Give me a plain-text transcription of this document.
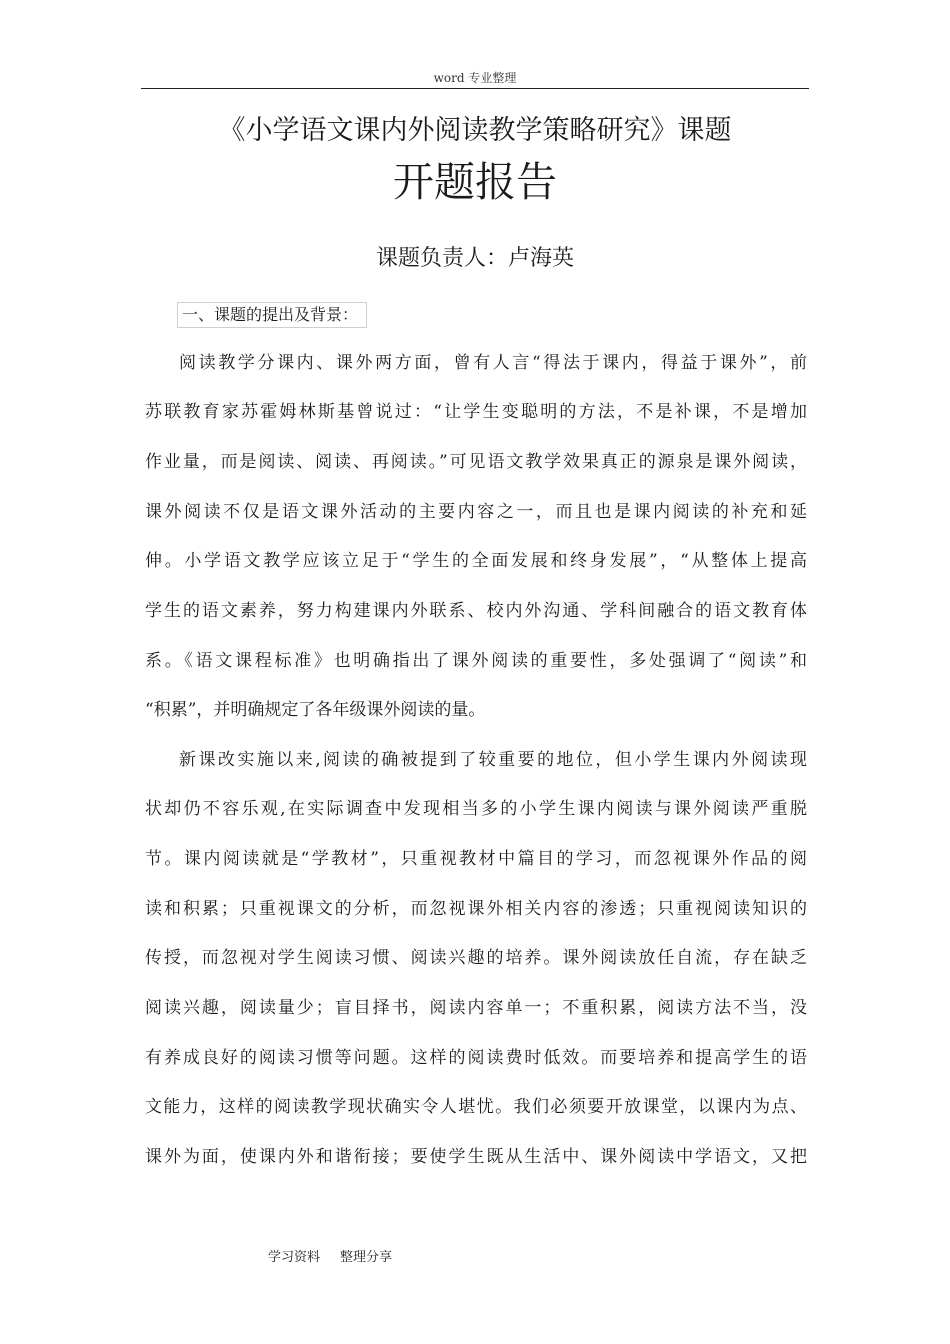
word 专业整理
《小学语文课内外阅读教学策略研究》课题
开题报告
课题负责人：卢海英
一、课题的提出及背景：
阅读教学分课内、课外两方面，曾有人言“得法于课内，得益于课外”，前
苏联教育家苏霍姆林斯基曾说过：“让学生变聪明的方法，不是补课，不是增加
作业量，而是阅读、阅读、再阅读。”可见语文教学效果真正的源泉是课外阅读，
课外阅读不仅是语文课外活动的主要内容之一，而且也是课内阅读的补充和延
伸。小学语文教学应该立足于“学生的全面发展和终身发展”，“从整体上提高
学生的语文素养，努力构建课内外联系、校内外沟通、学科间融合的语文教育体
系。《语文课程标准》也明确指出了课外阅读的重要性，多处强调了“阅读”和
“积累”，并明确规定了各年级课外阅读的量。
新课改实施以来,阅读的确被提到了较重要的地位，但小学生课内外阅读现
状却仍不容乐观,在实际调查中发现相当多的小学生课内阅读与课外阅读严重脱
节。课内阅读就是“学教材”，只重视教材中篇目的学习，而忽视课外作品的阅
读和积累；只重视课文的分析，而忽视课外相关内容的渗透；只重视阅读知识的
传授，而忽视对学生阅读习惯、阅读兴趣的培养。课外阅读放任自流，存在缺乏
阅读兴趣，阅读量少；盲目择书，阅读内容单一；不重积累，阅读方法不当，没
有养成良好的阅读习惯等问题。这样的阅读费时低效。而要培养和提高学生的语
文能力，这样的阅读教学现状确实令人堪忧。我们必须要开放课堂，以课内为点、
课外为面，使课内外和谐衔接；要使学生既从生活中、课外阅读中学语文，又把
学习资料 整理分享
